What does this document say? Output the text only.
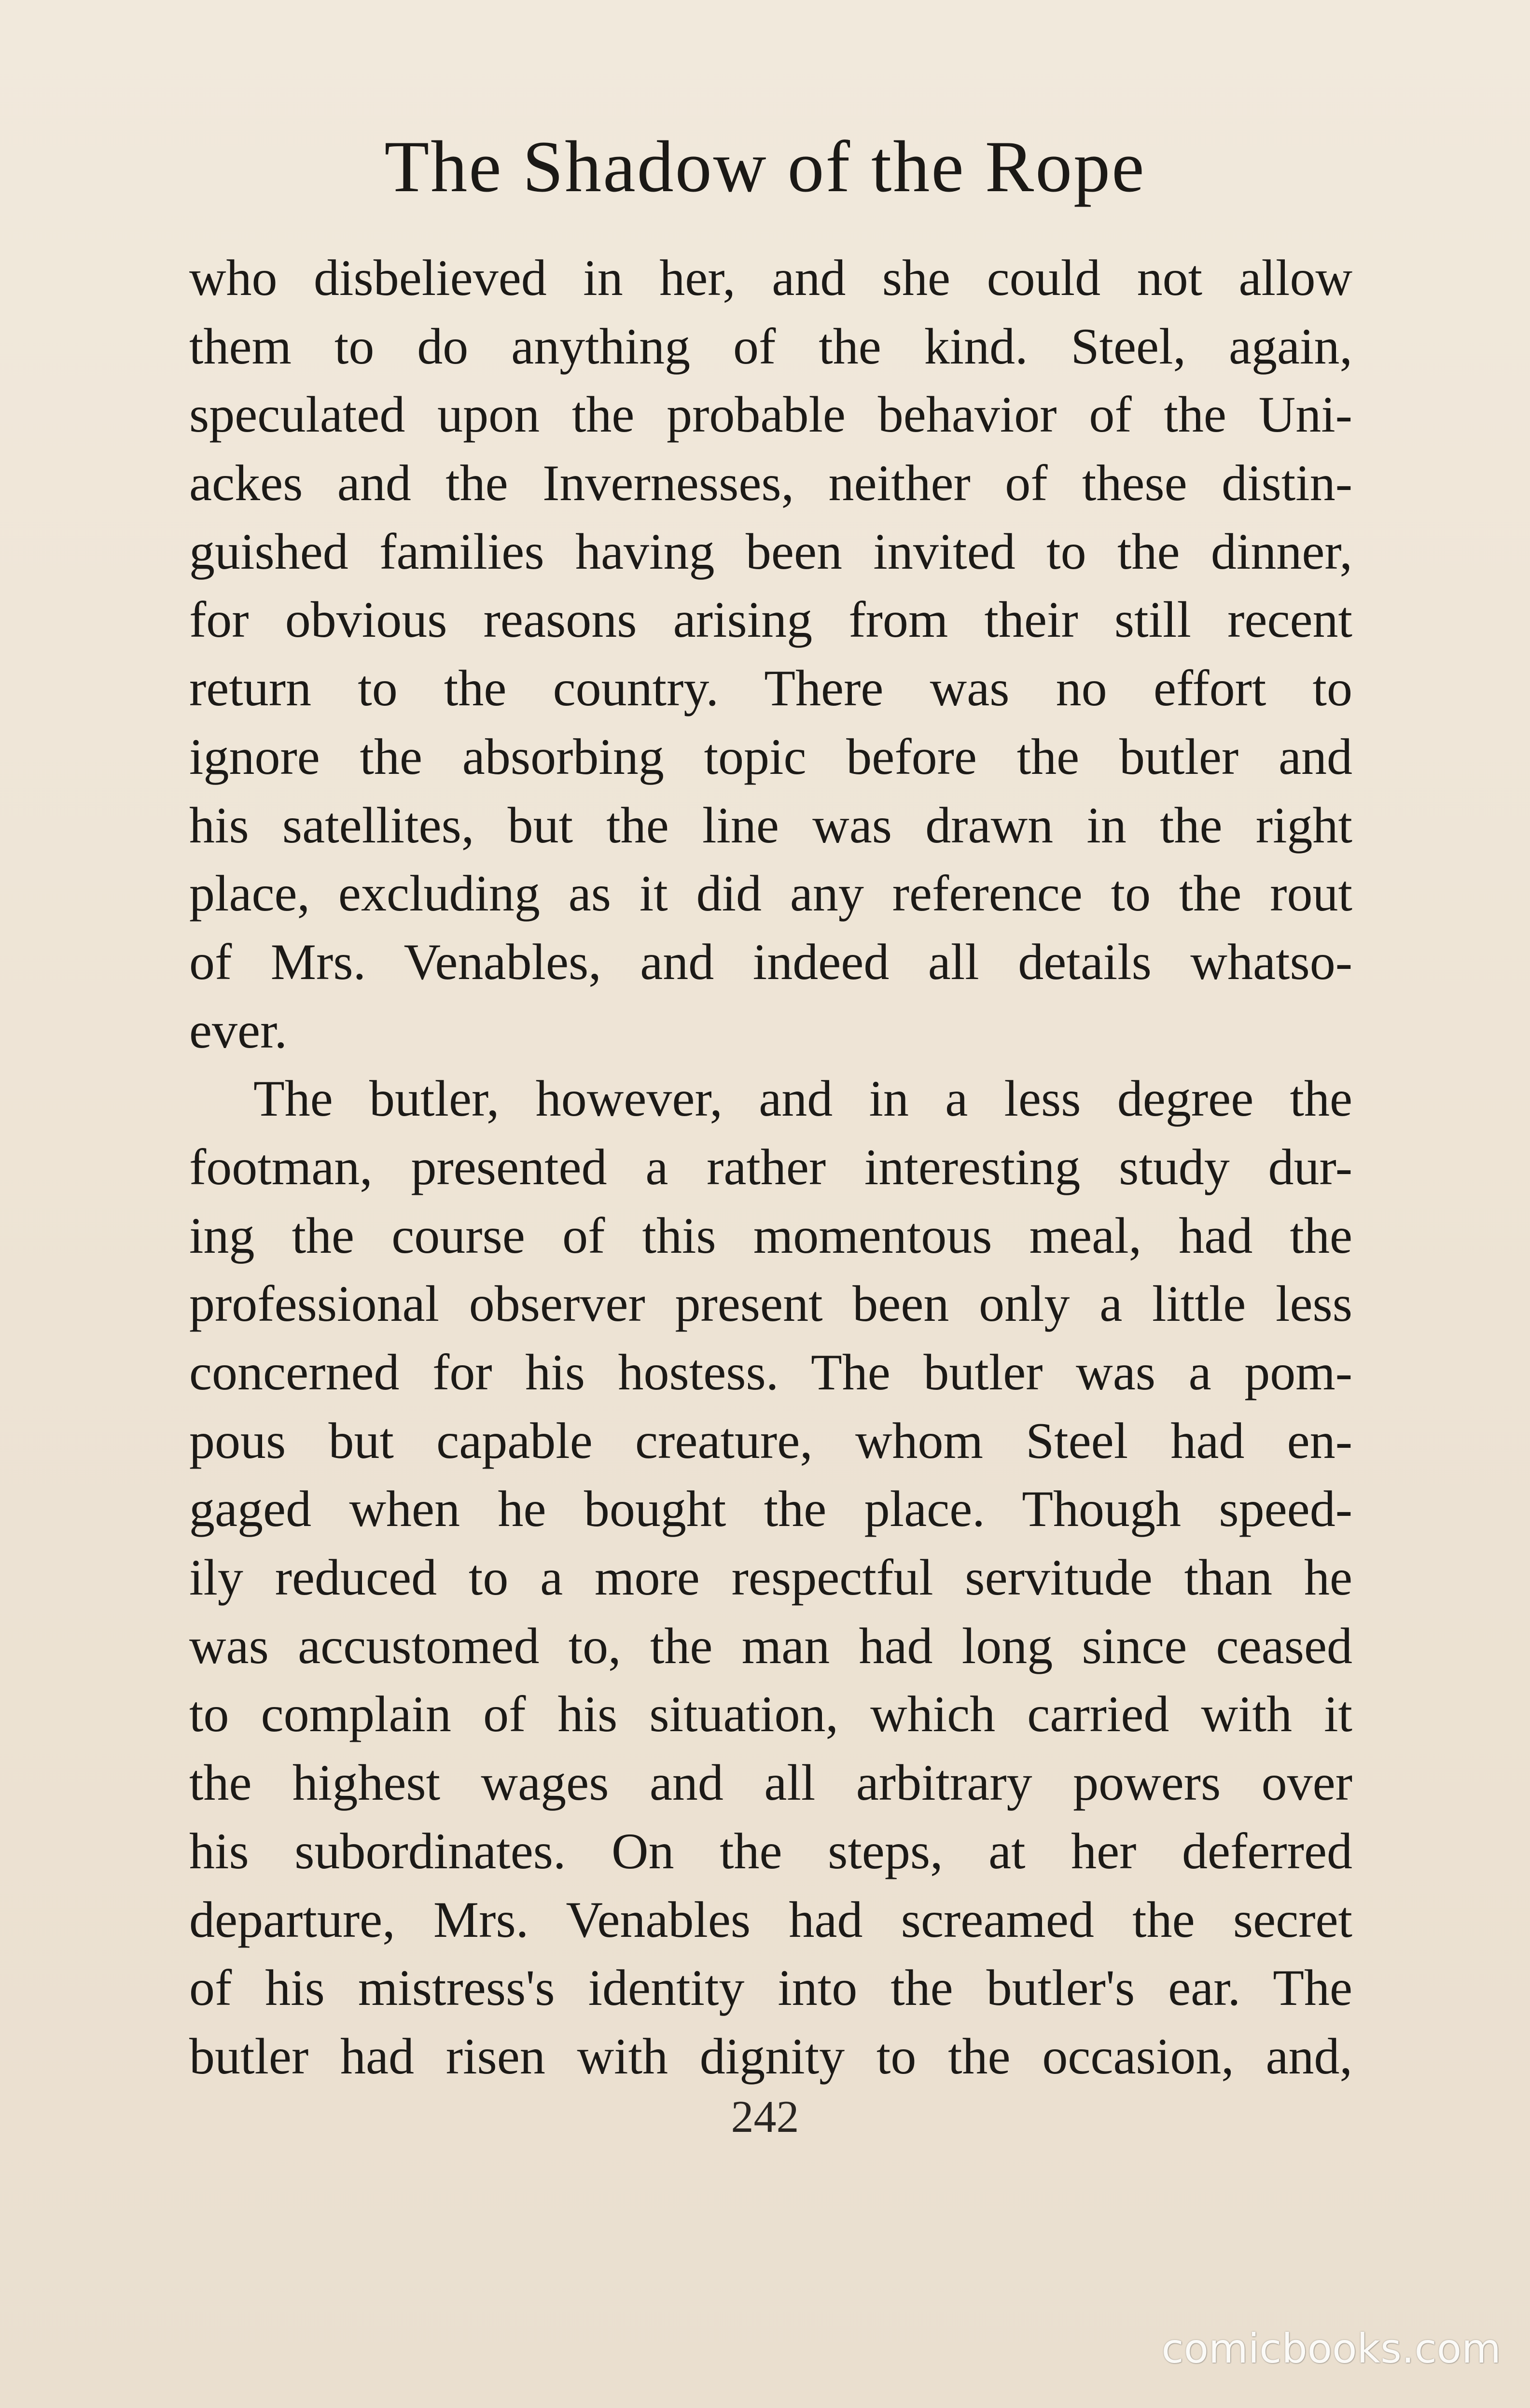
The Shadow of the Rope
who disbelieved in her, and she could not allow
them to do anything of the kind. Steel, again,
speculated upon the probable behavior of the Uni-
ackes and the Invernesses, neither of these distin-
guished families having been invited to the dinner,
for obvious reasons arising from their still recent
return to the country. There was no effort to
ignore the absorbing topic before the butler and
his satellites, but the line was drawn in the right
place, excluding as it did any reference to the rout
of Mrs. Venables, and indeed all details whatso-
ever.
The butler, however, and in a less degree the
footman, presented a rather interesting study dur-
ing the course of this momentous meal, had the
professional observer present been only a little less
concerned for his hostess. The butler was a pom-
pous but capable creature, whom Steel had en-
gaged when he bought the place. Though speed-
ily reduced to a more respectful servitude than he
was accustomed to, the man had long since ceased
to complain of his situation, which carried with it
the highest wages and all arbitrary powers over
his subordinates. On the steps, at her deferred
departure, Mrs. Venables had screamed the secret
of his mistress's identity into the butler's ear. The
butler had risen with dignity to the occasion, and,
242
comicbooks.com
